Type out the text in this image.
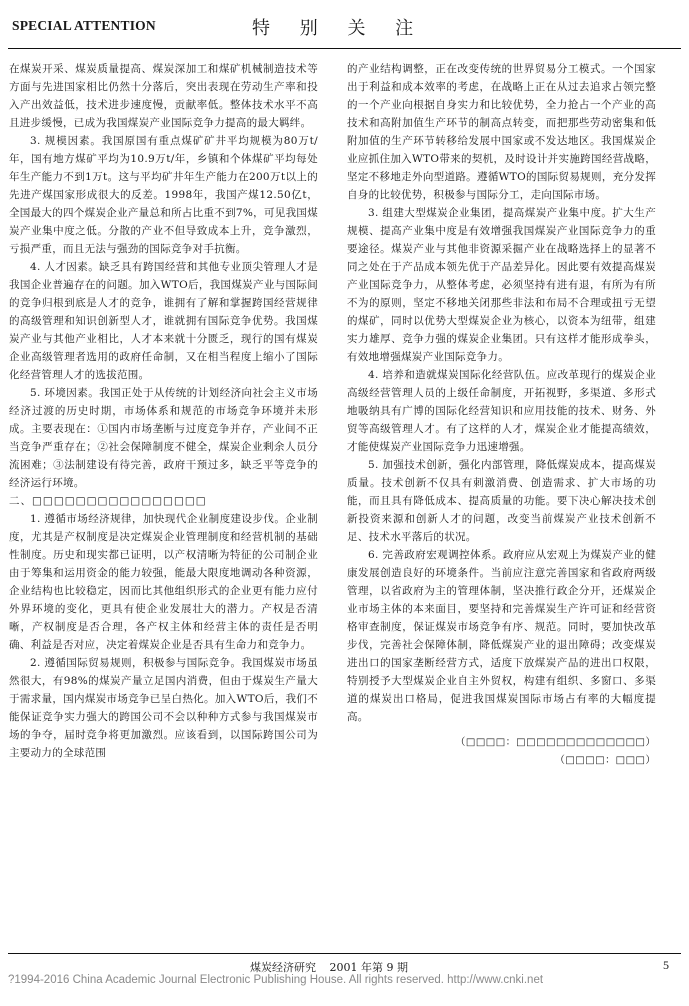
SPECIAL ATTENTION	特 别 关 注

在煤炭开采、煤炭质量提高、煤炭深加工和煤矿机械制造技术等方面与先进国家相比仍然十分落后，突出表现在劳动生产率和投入产出效益低，技术进步速度慢，贡献率低。整体技术水平不高且进步缓慢，已成为我国煤炭产业国际竞争力提高的最大羁绊。

3. 规模因素。我国原国有重点煤矿矿井平均规模为80万t/年，国有地方煤矿平均为10.9万t/年，乡镇和个体煤矿平均每处年生产能力不到1万t。这与平均矿井年生产能力在200万t以上的先进产煤国家形成很大的反差。1998年，我国产煤12.50亿t，全国最大的四个煤炭企业产量总和所占比重不到7%，可见我国煤炭产业集中度之低。分散的产业不但导致成本上升，竞争激烈，亏损严重，而且无法与强劲的国际竞争对手抗衡。

4. 人才因素。缺乏具有跨国经营和其他专业顶尖管理人才是我国企业普遍存在的问题。加入WTO后，我国煤炭产业与国际间的竞争归根到底是人才的竞争，谁拥有了解和掌握跨国经营规律的高级管理和知识创新型人才，谁就拥有国际竞争优势。我国煤炭产业与其他产业相比，人才本来就十分匮乏，现行的国有煤炭企业高级管理者选用的政府任命制，又在相当程度上缩小了国际化经营管理人才的选拔范围。

5. 环境因素。我国正处于从传统的计划经济向社会主义市场经济过渡的历史时期，市场体系和规范的市场竞争环境并未形成。主要表现在：①国内市场垄断与过度竞争并存，产业间不正当竞争严重存在；②社会保障制度不健全，煤炭企业剩余人员分流困难；③法制建设有待完善，政府干预过多，缺乏平等竞争的经济运行环境。

二、□□□□□□□□□□□□□□□□

1. 遵循市场经济规律，加快现代企业制度建设步伐。企业制度，尤其是产权制度是决定煤炭企业管理制度和经营机制的基础性制度。历史和现实都已证明，以产权清晰为特征的公司制企业由于筹集和运用资金的能力较强，能最大限度地调动各种资源，企业结构也比较稳定，因而比其他组织形式的企业更有能力应付外界环境的变化，更具有使企业发展壮大的潜力。产权是否清晰，产权制度是否合理，各产权主体和经营主体的责任是否明确、利益是否对应，决定着煤炭企业是否具有生命力和竞争力。

2. 遵循国际贸易规则，积极参与国际竞争。我国煤炭市场虽然很大，有98%的煤炭产量立足国内消费，但由于煤炭生产量大于需求量，国内煤炭市场竞争已呈白热化。加入WTO后，我们不能保证竞争实力强大的跨国公司不会以种种方式参与我国煤炭市场的争夺，届时竞争将更加激烈。应该看到，以国际跨国公司为主要动力的全球范围

的产业结构调整，正在改变传统的世界贸易分工模式。一个国家出于利益和成本效率的考虑，在战略上正在从过去追求占领完整的一个产业向根据自身实力和比较优势，全力抢占一个产业的高技术和高附加值生产环节的制高点转变，而把那些劳动密集和低附加值的生产环节转移给发展中国家或不发达地区。我国煤炭企业应抓住加入WTO带来的契机，及时设计并实施跨国经营战略，坚定不移地走外向型道路。遵循WTO的国际贸易规则，充分发挥自身的比较优势，积极参与国际分工，走向国际市场。

3. 组建大型煤炭企业集团，提高煤炭产业集中度。扩大生产规模、提高产业集中度是有效增强我国煤炭产业国际竞争力的重要途径。煤炭产业与其他非资源采掘产业在战略选择上的显著不同之处在于产品成本领先优于产品差异化。因此要有效提高煤炭产业国际竞争力，从整体考虑，必须坚持有进有退，有所为有所不为的原则，坚定不移地关闭那些非法和布局不合理或扭亏无望的煤矿，同时以优势大型煤炭企业为核心，以资本为纽带，组建实力雄厚、竞争力强的煤炭企业集团。只有这样才能形成拳头，有效地增强煤炭产业国际竞争力。

4. 培养和造就煤炭国际化经营队伍。应改革现行的煤炭企业高级经营管理人员的上级任命制度，开拓视野，多渠道、多形式地吸纳具有广博的国际化经营知识和应用技能的技术、财务、外贸等高级管理人才。有了这样的人才，煤炭企业才能提高绩效，才能使煤炭产业国际竞争力迅速增强。

5. 加强技术创新，强化内部管理，降低煤炭成本，提高煤炭质量。技术创新不仅具有刺激消费、创造需求、扩大市场的功能，而且具有降低成本、提高质量的功能。要下决心解决技术创新投资来源和创新人才的问题，改变当前煤炭产业技术创新不足、技术水平落后的状况。

6. 完善政府宏观调控体系。政府应从宏观上为煤炭产业的健康发展创造良好的环境条件。当前应注意完善国家和省政府两级管理，以省政府为主的管理体制，坚决推行政企分开，还煤炭企业市场主体的本来面目，要坚持和完善煤炭生产许可证和经营资格审查制度，保证煤炭市场竞争有序、规范。同时，要加快改革步伐，完善社会保障体制，降低煤炭产业的退出障碍；改变煤炭进出口的国家垄断经营方式，适度下放煤炭产品的进出口权限，特别授予大型煤炭企业自主外贸权，构建有组织、多窗口、多渠道的煤炭出口格局，促进我国煤炭国际市场占有率的大幅度提高。

（□□□□：□□□□□□□□□□□□□）
（□□□□：□□□）

煤炭经济研究 2001 年第 9 期	5
?1994-2016 China Academic Journal Electronic Publishing House. All rights reserved. http://www.cnki.net
